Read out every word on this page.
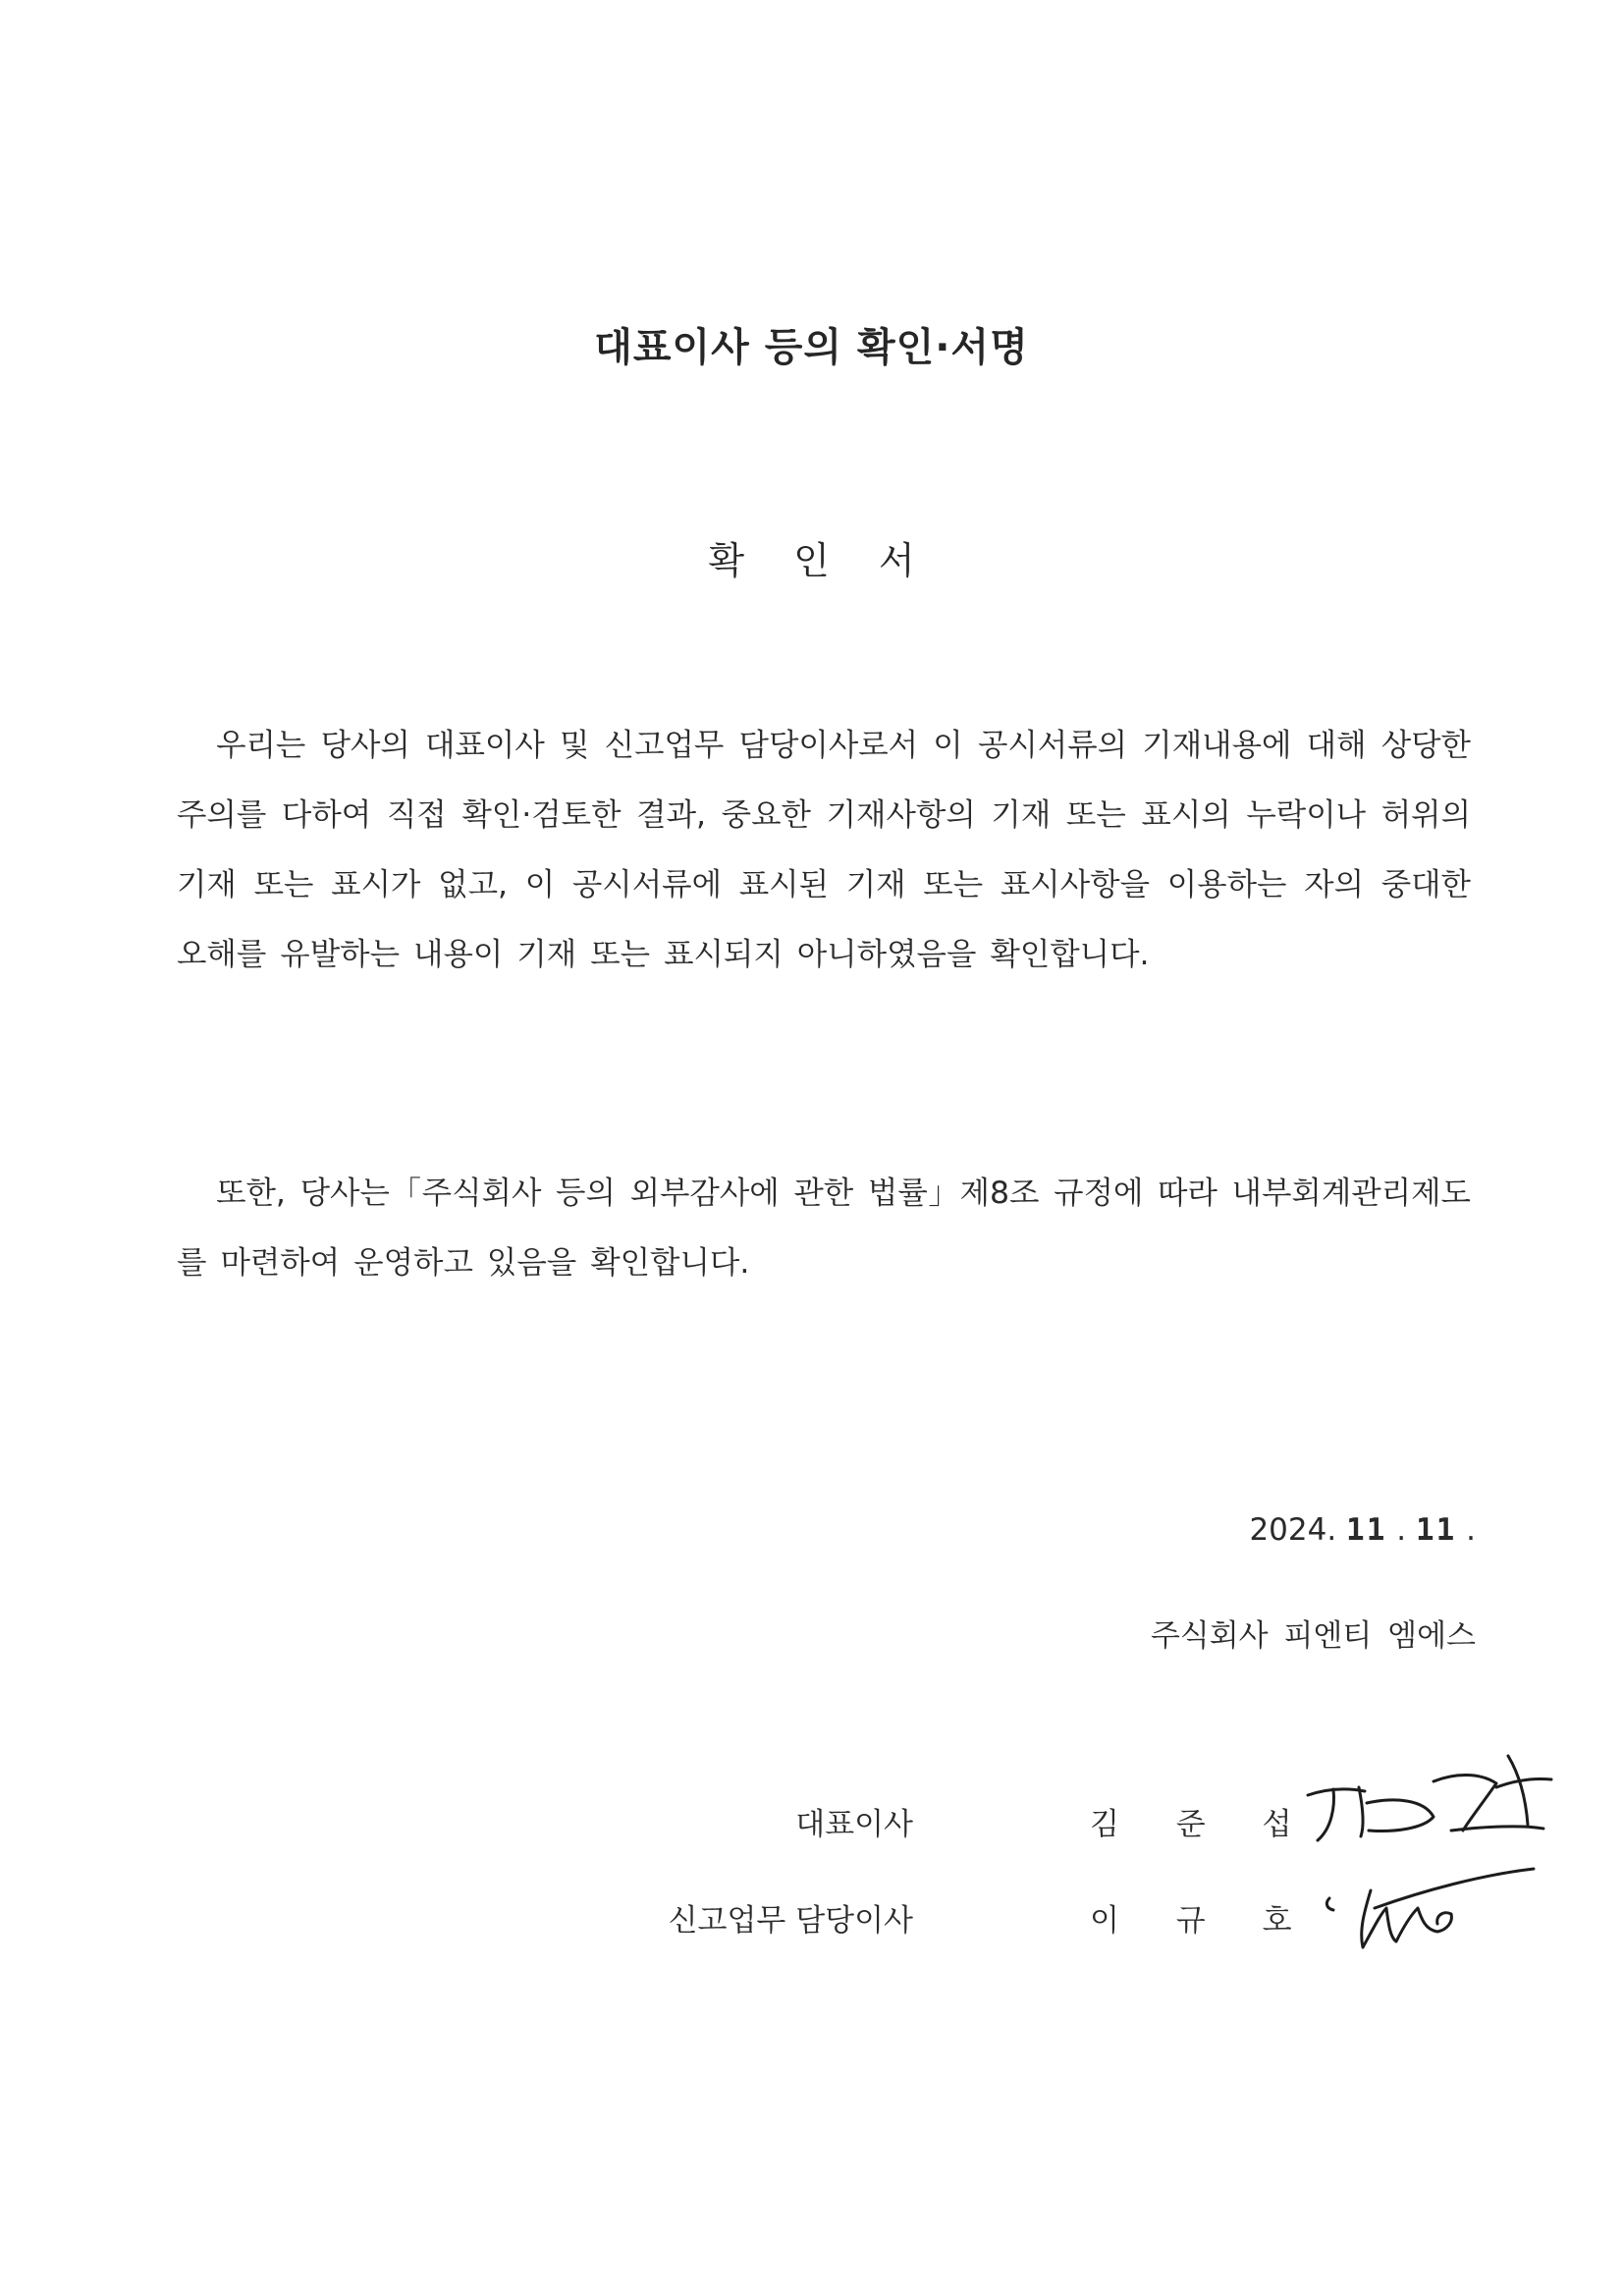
대표이사 등의 확인·서명
확 인 서
우리는 당사의 대표이사 및 신고업무 담당이사로서 이 공시서류의 기재내용에 대해 상당한 주의를 다하여 직접 확인·검토한 결과, 중요한 기재사항의 기재 또는 표시의 누락이나 허위의 기재 또는 표시가 없고, 이 공시서류에 표시된 기재 또는 표시사항을 이용하는 자의 중대한 오해를 유발하는 내용이 기재 또는 표시되지 아니하였음을 확인합니다.
또한, 당사는「주식회사 등의 외부감사에 관한 법률」제8조 규정에 따라 내부회계관리제도를 마련하여 운영하고 있음을 확인합니다.
2024. 11 . 11 .
주식회사 피엔티 엠에스
대표이사	김 준 섭
신고업무 담당이사	이 규 호
